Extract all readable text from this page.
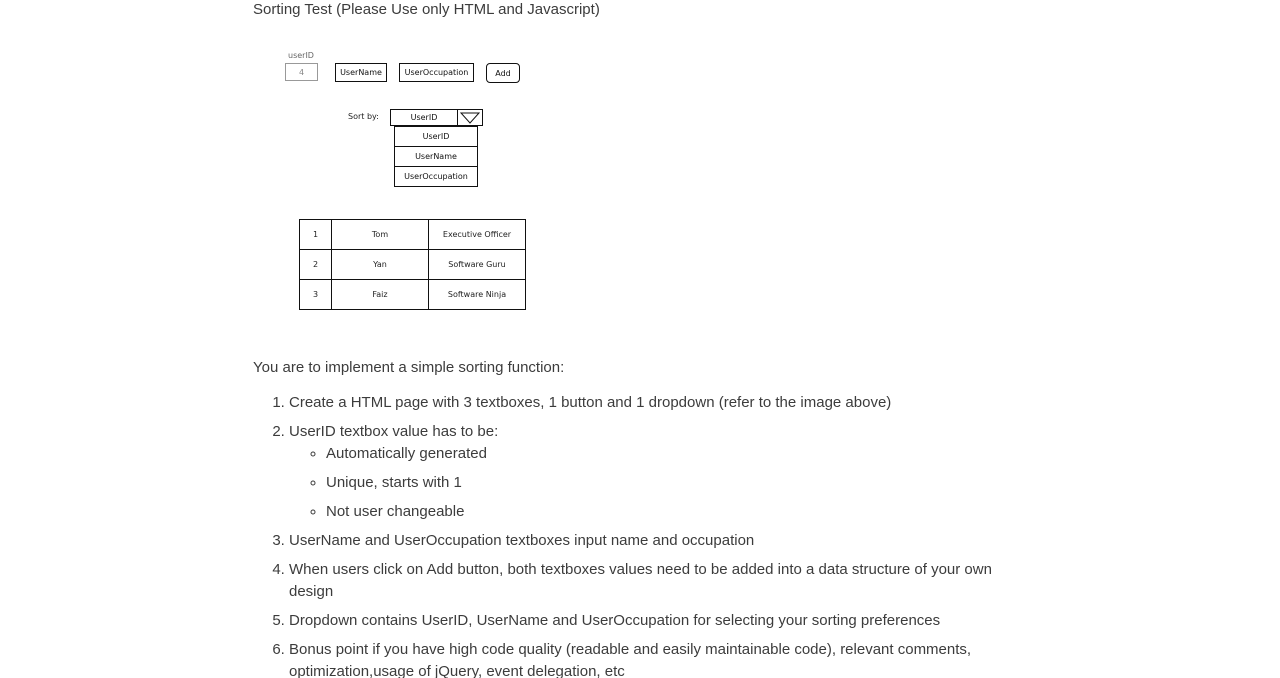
Sorting Test (Please Use only HTML and Javascript)
userID
4	UserName	UserOccupation	Add
Sort by:	UserID
UserID
UserName
UserOccupation
1	Tom	Executive Officer
2	Yan	Software Guru
3	Faiz	Software Ninja
You are to implement a simple sorting function:
1. Create a HTML page with 3 textboxes, 1 button and 1 dropdown (refer to the image above)
2. UserID textbox value has to be:
◦ Automatically generated
◦ Unique, starts with 1
◦ Not user changeable
3. UserName and UserOccupation textboxes input name and occupation
4. When users click on Add button, both textboxes values need to be added into a data structure of your own design
5. Dropdown contains UserID, UserName and UserOccupation for selecting your sorting preferences
6. Bonus point if you have high code quality (readable and easily maintainable code), relevant comments, optimization,usage of jQuery, event delegation, etc
